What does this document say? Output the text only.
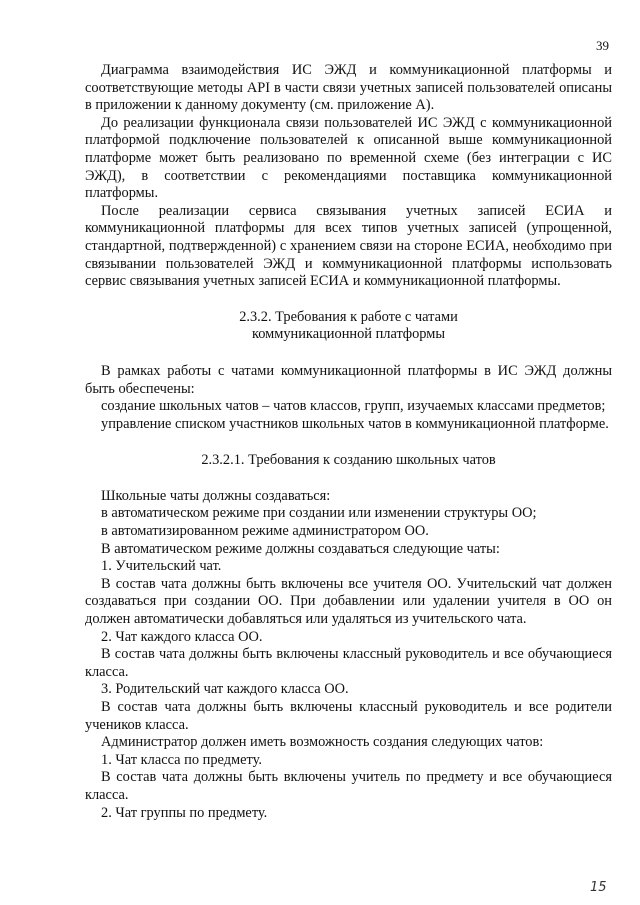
39

Диаграмма взаимодействия ИС ЭЖД и коммуникационной платформы и соответствующие методы API в части связи учетных записей пользователей описаны в приложении к данному документу (см. приложение А).

До реализации функционала связи пользователей ИС ЭЖД с коммуникационной платформой подключение пользователей к описанной выше коммуникационной платформе может быть реализовано по временной схеме (без интеграции с ИС ЭЖД), в соответствии с рекомендациями поставщика коммуникационной платформы.

После реализации сервиса связывания учетных записей ЕСИА и коммуникационной платформы для всех типов учетных записей (упрощенной, стандартной, подтвержденной) с хранением связи на стороне ЕСИА, необходимо при связывании пользователей ЭЖД и коммуникационной платформы использовать сервис связывания учетных записей ЕСИА и коммуникационной платформы.

2.3.2. Требования к работе с чатами
коммуникационной платформы

В рамках работы с чатами коммуникационной платформы в ИС ЭЖД должны быть обеспечены:

создание школьных чатов – чатов классов, групп, изучаемых классами предметов;

управление списком участников школьных чатов в коммуникационной платформе.

2.3.2.1. Требования к созданию школьных чатов

Школьные чаты должны создаваться:

в автоматическом режиме при создании или изменении структуры ОО;

в автоматизированном режиме администратором ОО.

В автоматическом режиме должны создаваться следующие чаты:

1. Учительский чат.

В состав чата должны быть включены все учителя ОО. Учительский чат должен создаваться при создании ОО. При добавлении или удалении учителя в ОО он должен автоматически добавляться или удаляться из учительского чата.

2. Чат каждого класса ОО.

В состав чата должны быть включены классный руководитель и все обучающиеся класса.

3. Родительский чат каждого класса ОО.

В состав чата должны быть включены классный руководитель и все родители учеников класса.

Администратор должен иметь возможность создания следующих чатов:

1. Чат класса по предмету.

В состав чата должны быть включены учитель по предмету и все обучающиеся класса.

2. Чат группы по предмету.

15
